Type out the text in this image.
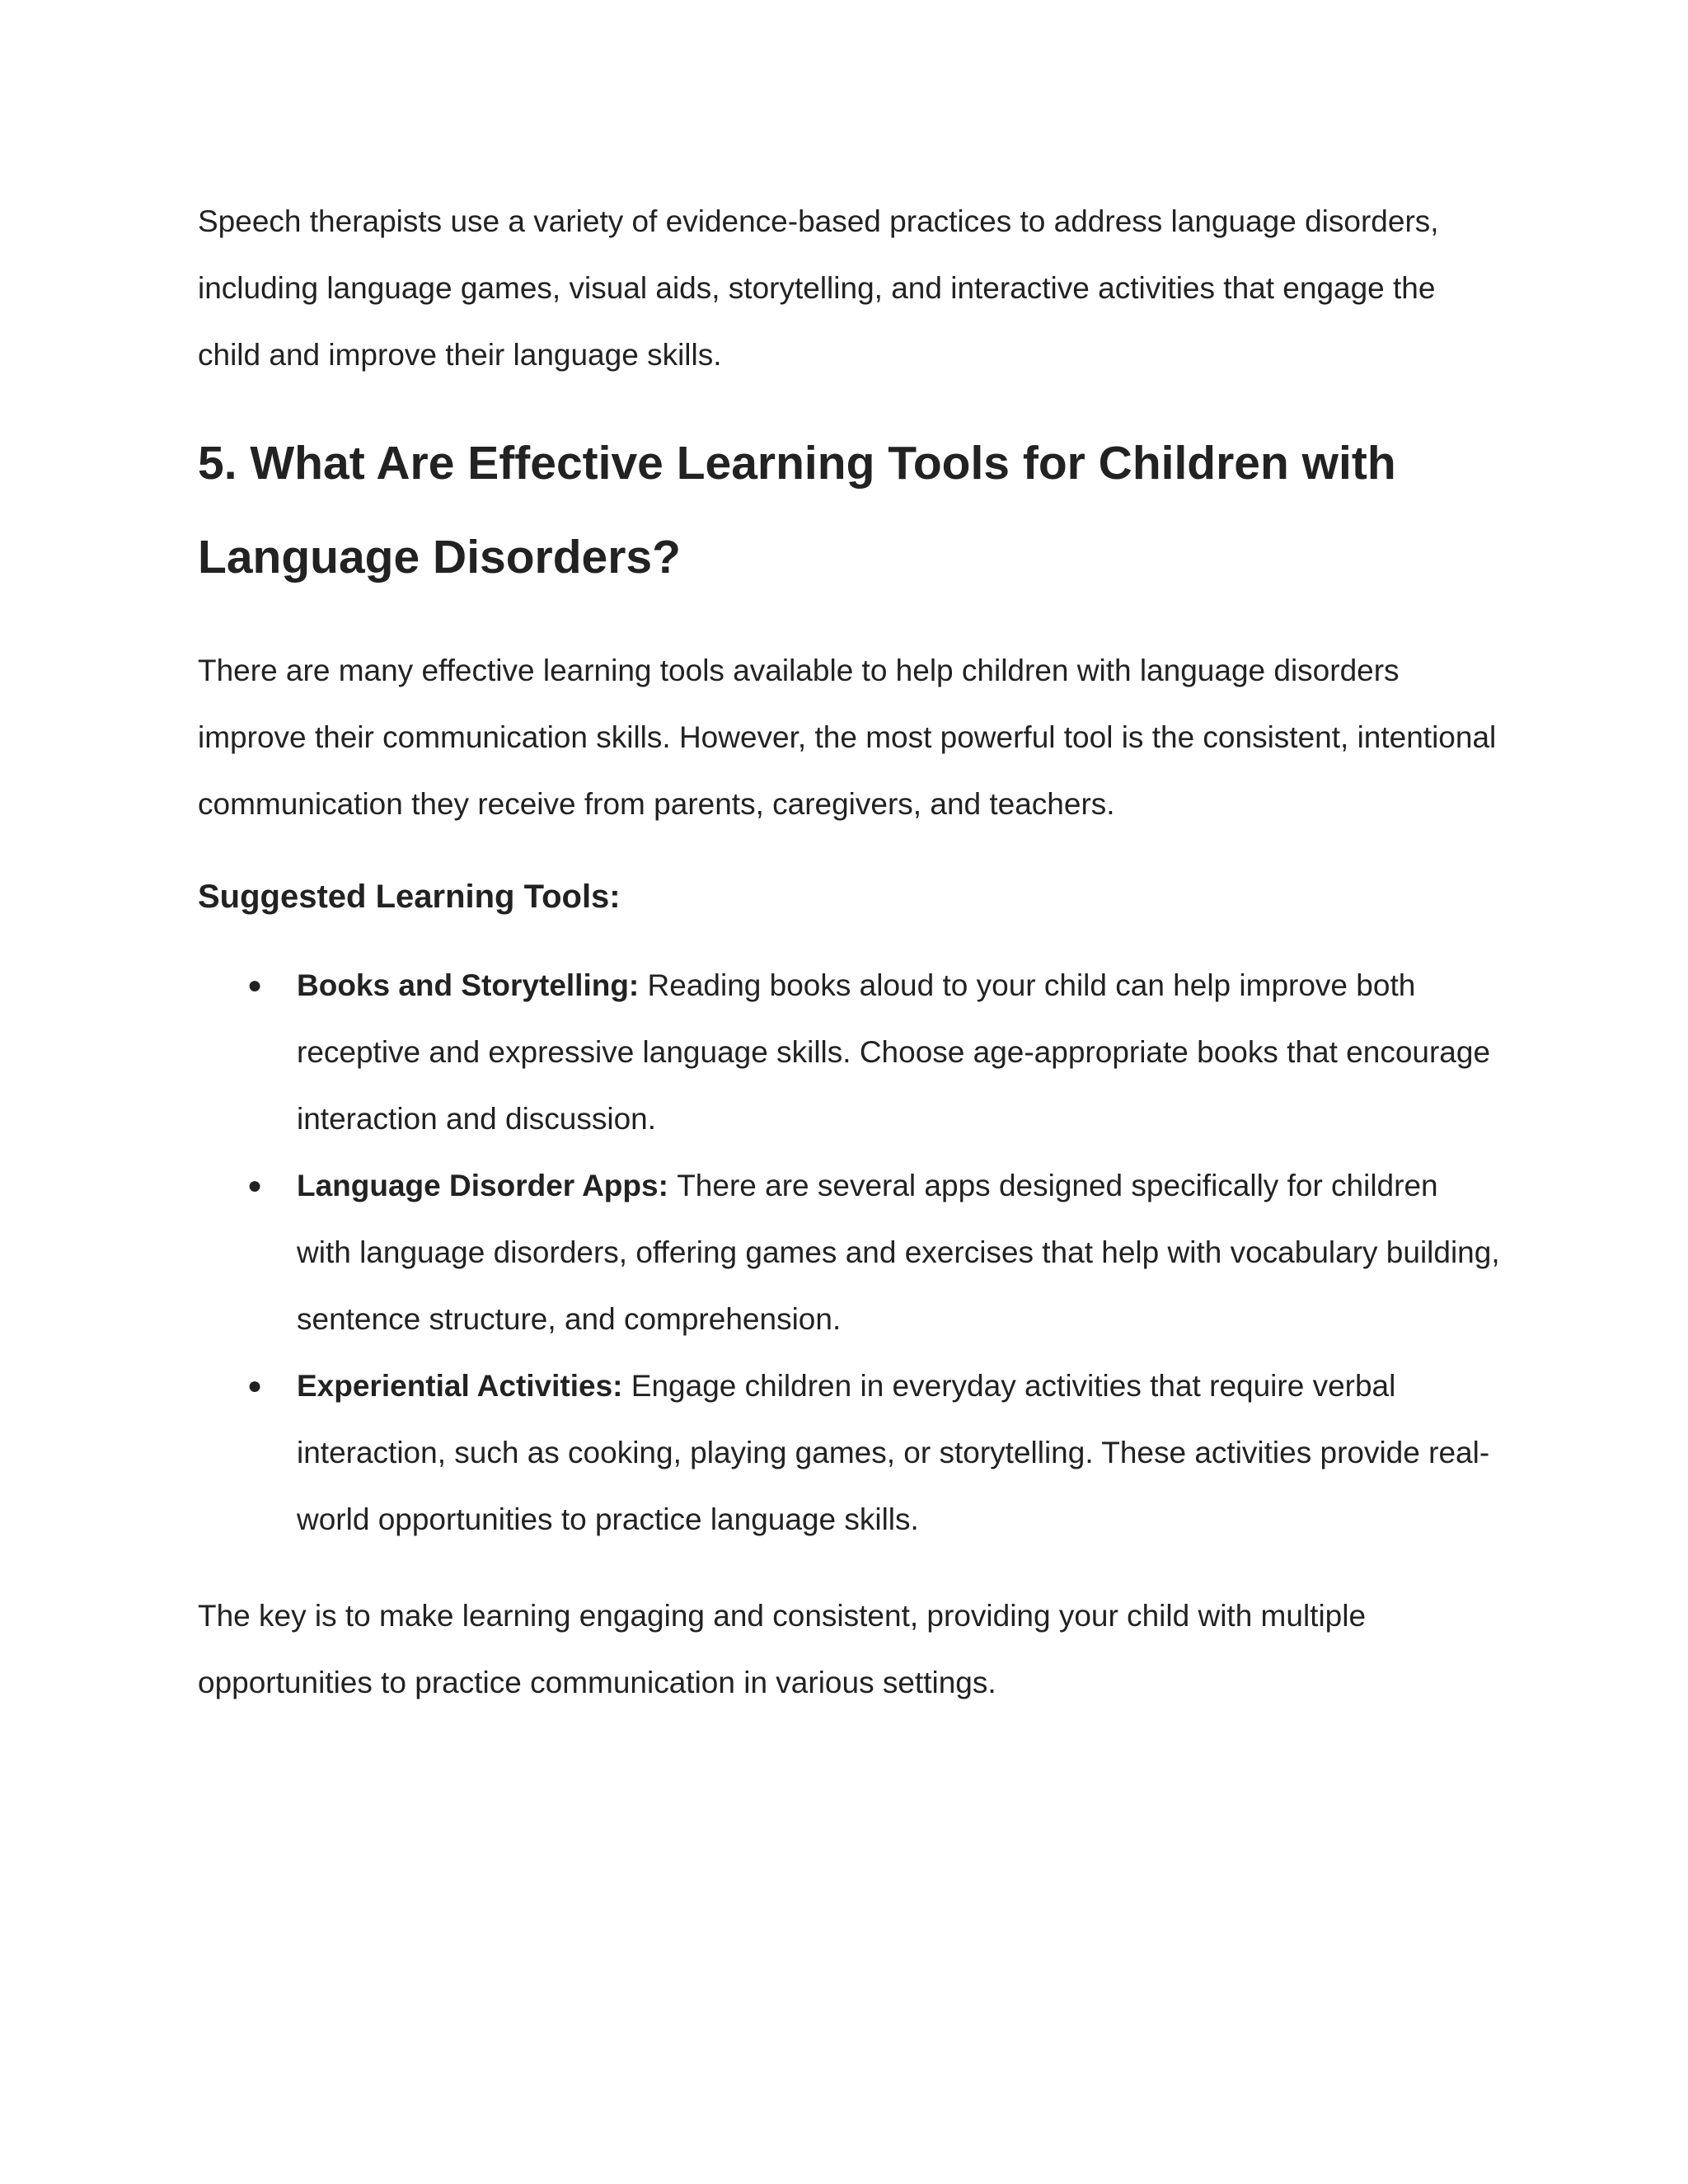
Speech therapists use a variety of evidence-based practices to address language disorders, including language games, visual aids, storytelling, and interactive activities that engage the child and improve their language skills.

5. What Are Effective Learning Tools for Children with Language Disorders?

There are many effective learning tools available to help children with language disorders improve their communication skills. However, the most powerful tool is the consistent, intentional communication they receive from parents, caregivers, and teachers.

Suggested Learning Tools:
● Books and Storytelling: Reading books aloud to your child can help improve both receptive and expressive language skills. Choose age-appropriate books that encourage interaction and discussion.
● Language Disorder Apps: There are several apps designed specifically for children with language disorders, offering games and exercises that help with vocabulary building, sentence structure, and comprehension.
● Experiential Activities: Engage children in everyday activities that require verbal interaction, such as cooking, playing games, or storytelling. These activities provide real-world opportunities to practice language skills.

The key is to make learning engaging and consistent, providing your child with multiple opportunities to practice communication in various settings.
